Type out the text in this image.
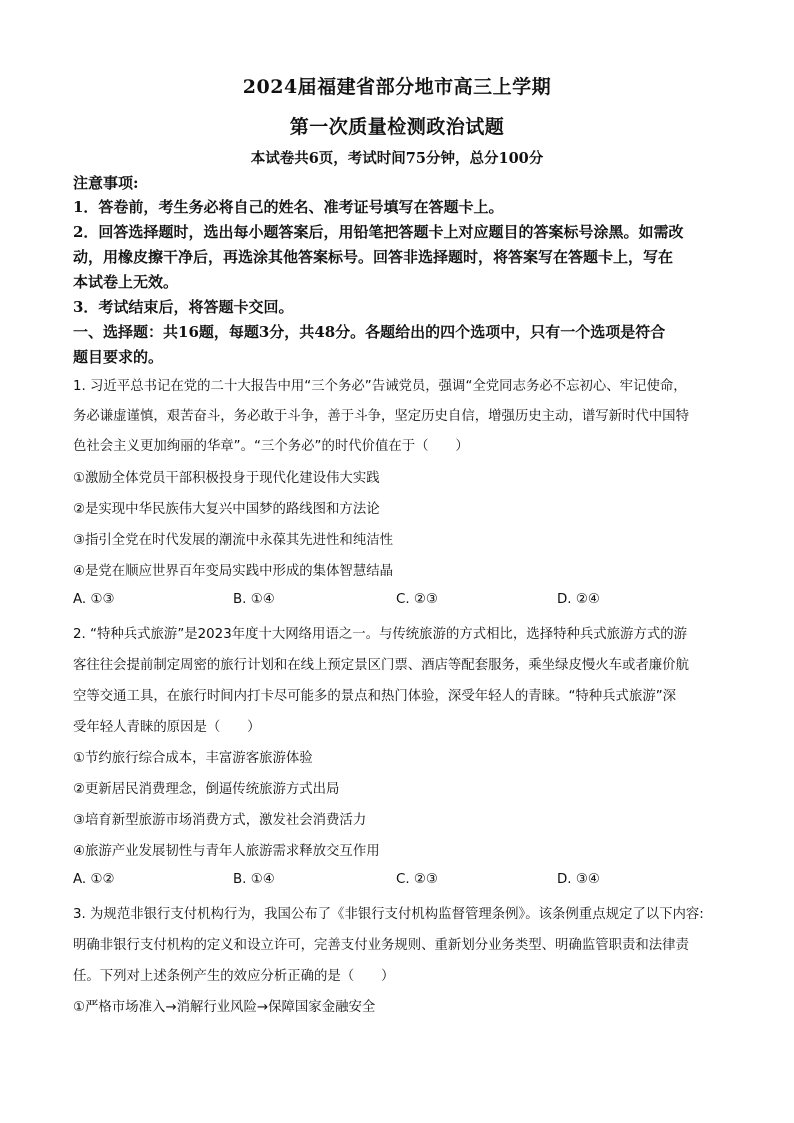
2024届福建省部分地市高三上学期
第一次质量检测政治试题
本试卷共6页，考试时间75分钟，总分100分
注意事项:
1．答卷前，考生务必将自己的姓名、准考证号填写在答题卡上。
2．回答选择题时，选出每小题答案后，用铅笔把答题卡上对应题目的答案标号涂黑。如需改
动，用橡皮擦干净后，再选涂其他答案标号。回答非选择题时，将答案写在答题卡上，写在
本试卷上无效。
3．考试结束后，将答题卡交回。
一、选择题：共16题，每题3分，共48分。各题给出的四个选项中，只有一个选项是符合
题目要求的。
1. 习近平总书记在党的二十大报告中用“三个务必”告诫党员，强调“全党同志务必不忘初心、牢记使命，
务必谦虚谨慎，艰苦奋斗，务必敢于斗争，善于斗争，坚定历史自信，增强历史主动，谱写新时代中国特
色社会主义更加绚丽的华章”。“三个务必”的时代价值在于（　　）
①激励全体党员干部积极投身于现代化建设伟大实践
②是实现中华民族伟大复兴中国梦的路线图和方法论
③指引全党在时代发展的潮流中永葆其先进性和纯洁性
④是党在顺应世界百年变局实践中形成的集体智慧结晶
A. ①③	B. ①④	C. ②③	D. ②④
2. “特种兵式旅游”是2023年度十大网络用语之一。与传统旅游的方式相比，选择特种兵式旅游方式的游
客往往会提前制定周密的旅行计划和在线上预定景区门票、酒店等配套服务，乘坐绿皮慢火车或者廉价航
空等交通工具，在旅行时间内打卡尽可能多的景点和热门体验，深受年轻人的青睐。“特种兵式旅游”深
受年轻人青睐的原因是（　　）
①节约旅行综合成本，丰富游客旅游体验
②更新居民消费理念，倒逼传统旅游方式出局
③培育新型旅游市场消费方式，激发社会消费活力
④旅游产业发展韧性与青年人旅游需求释放交互作用
A. ①②	B. ①④	C. ②③	D. ③④
3. 为规范非银行支付机构行为，我国公布了《非银行支付机构监督管理条例》。该条例重点规定了以下内容:
明确非银行支付机构的定义和设立许可，完善支付业务规则、重新划分业务类型、明确监管职责和法律责
任。下列对上述条例产生的效应分析正确的是（　　）
①严格市场准入→消解行业风险→保障国家金融安全
